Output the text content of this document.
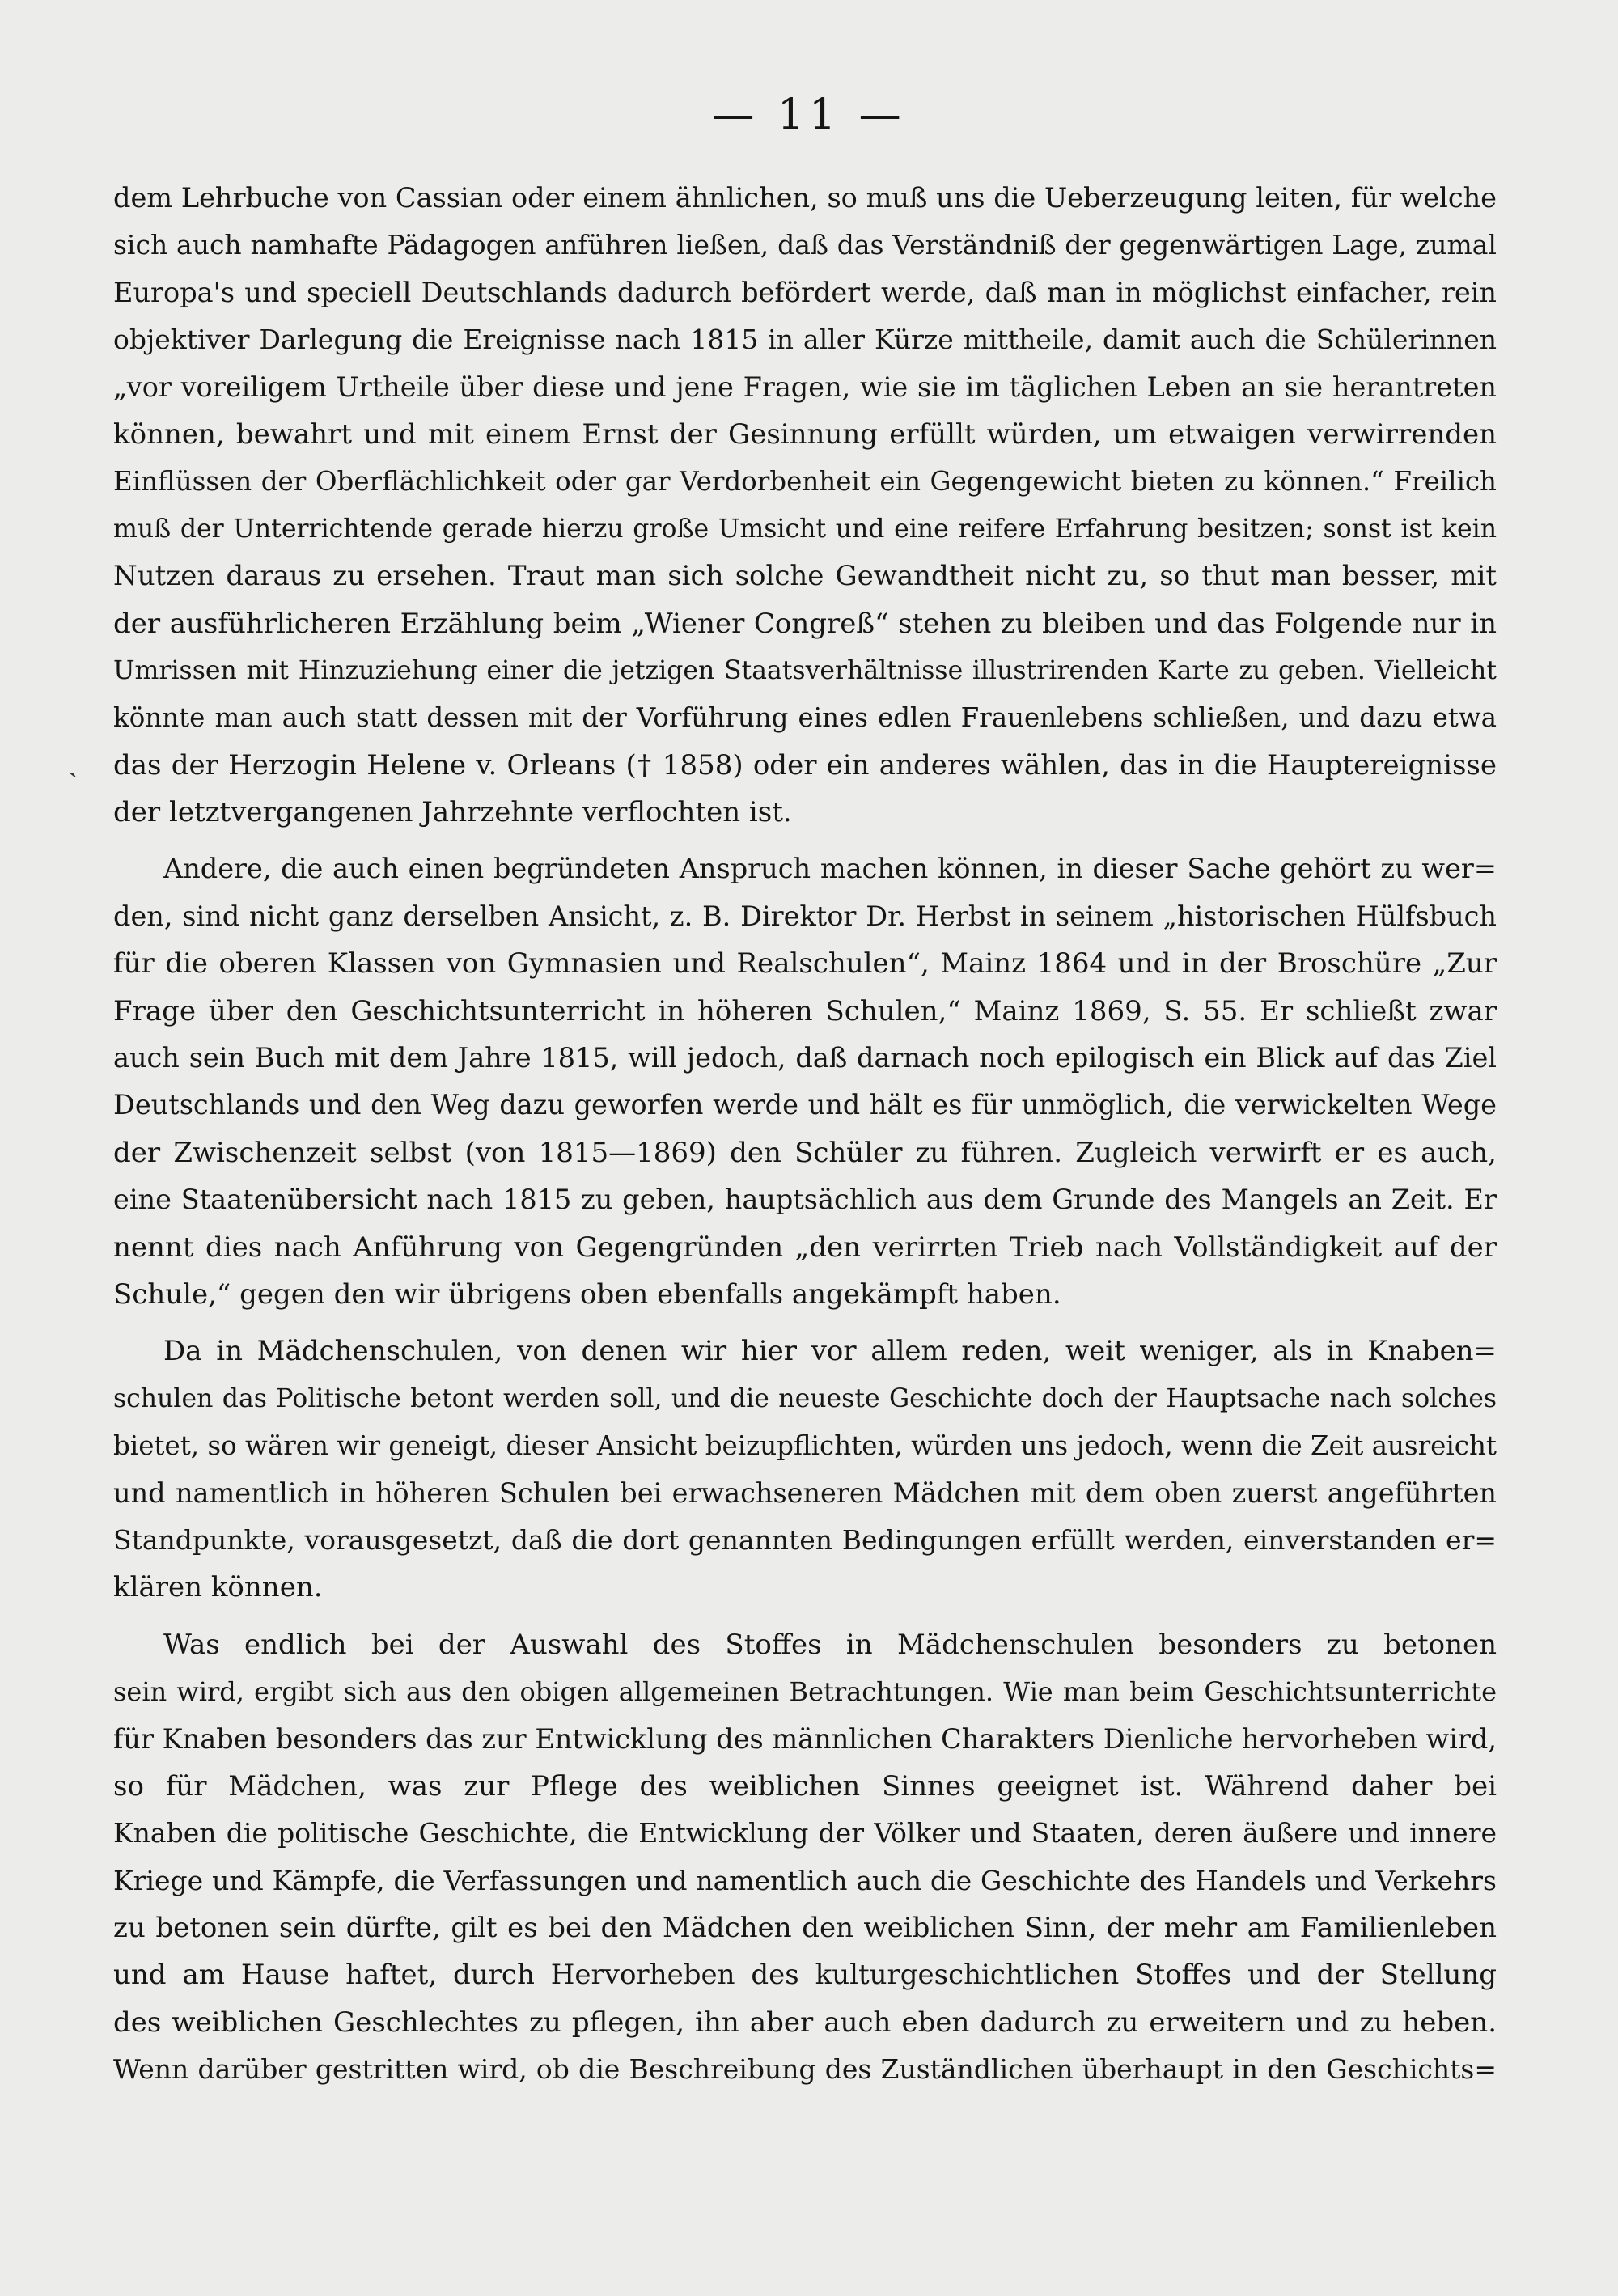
— 11 —
ˎ
dem Lehrbuche von Cassian oder einem ähnlichen, so muß uns die Ueberzeugung leiten, für welche
sich auch namhafte Pädagogen anführen ließen, daß das Verständniß der gegenwärtigen Lage, zumal
Europa's und speciell Deutschlands dadurch befördert werde, daß man in möglichst einfacher, rein
objektiver Darlegung die Ereignisse nach 1815 in aller Kürze mittheile, damit auch die Schülerinnen
„vor voreiligem Urtheile über diese und jene Fragen, wie sie im täglichen Leben an sie herantreten
können, bewahrt und mit einem Ernst der Gesinnung erfüllt würden, um etwaigen verwirrenden
Einflüssen der Oberflächlichkeit oder gar Verdorbenheit ein Gegengewicht bieten zu können.“ Freilich
muß der Unterrichtende gerade hierzu große Umsicht und eine reifere Erfahrung besitzen; sonst ist kein
Nutzen daraus zu ersehen. Traut man sich solche Gewandtheit nicht zu, so thut man besser, mit
der ausführlicheren Erzählung beim „Wiener Congreß“ stehen zu bleiben und das Folgende nur in
Umrissen mit Hinzuziehung einer die jetzigen Staatsverhältnisse illustrirenden Karte zu geben. Vielleicht
könnte man auch statt dessen mit der Vorführung eines edlen Frauenlebens schließen, und dazu etwa
das der Herzogin Helene v. Orleans († 1858) oder ein anderes wählen, das in die Hauptereignisse
der letztvergangenen Jahrzehnte verflochten ist.
Andere, die auch einen begründeten Anspruch machen können, in dieser Sache gehört zu wer=
den, sind nicht ganz derselben Ansicht, z. B. Direktor Dr. Herbst in seinem „historischen Hülfsbuch
für die oberen Klassen von Gymnasien und Realschulen“, Mainz 1864 und in der Broschüre „Zur
Frage über den Geschichtsunterricht in höheren Schulen,“ Mainz 1869, S. 55. Er schließt zwar
auch sein Buch mit dem Jahre 1815, will jedoch, daß darnach noch epilogisch ein Blick auf das Ziel
Deutschlands und den Weg dazu geworfen werde und hält es für unmöglich, die verwickelten Wege
der Zwischenzeit selbst (von 1815—1869) den Schüler zu führen. Zugleich verwirft er es auch,
eine Staatenübersicht nach 1815 zu geben, hauptsächlich aus dem Grunde des Mangels an Zeit. Er
nennt dies nach Anführung von Gegengründen „den verirrten Trieb nach Vollständigkeit auf der
Schule,“ gegen den wir übrigens oben ebenfalls angekämpft haben.
Da in Mädchenschulen, von denen wir hier vor allem reden, weit weniger, als in Knaben=
schulen das Politische betont werden soll, und die neueste Geschichte doch der Hauptsache nach solches
bietet, so wären wir geneigt, dieser Ansicht beizupflichten, würden uns jedoch, wenn die Zeit ausreicht
und namentlich in höheren Schulen bei erwachseneren Mädchen mit dem oben zuerst angeführten
Standpunkte, vorausgesetzt, daß die dort genannten Bedingungen erfüllt werden, einverstanden er=
klären können.
Was endlich bei der Auswahl des Stoffes in Mädchenschulen besonders zu betonen
sein wird, ergibt sich aus den obigen allgemeinen Betrachtungen. Wie man beim Geschichtsunterrichte
für Knaben besonders das zur Entwicklung des männlichen Charakters Dienliche hervorheben wird,
so für Mädchen, was zur Pflege des weiblichen Sinnes geeignet ist. Während daher bei
Knaben die politische Geschichte, die Entwicklung der Völker und Staaten, deren äußere und innere
Kriege und Kämpfe, die Verfassungen und namentlich auch die Geschichte des Handels und Verkehrs
zu betonen sein dürfte, gilt es bei den Mädchen den weiblichen Sinn, der mehr am Familienleben
und am Hause haftet, durch Hervorheben des kulturgeschichtlichen Stoffes und der Stellung
des weiblichen Geschlechtes zu pflegen, ihn aber auch eben dadurch zu erweitern und zu heben.
Wenn darüber gestritten wird, ob die Beschreibung des Zuständlichen überhaupt in den Geschichts=
